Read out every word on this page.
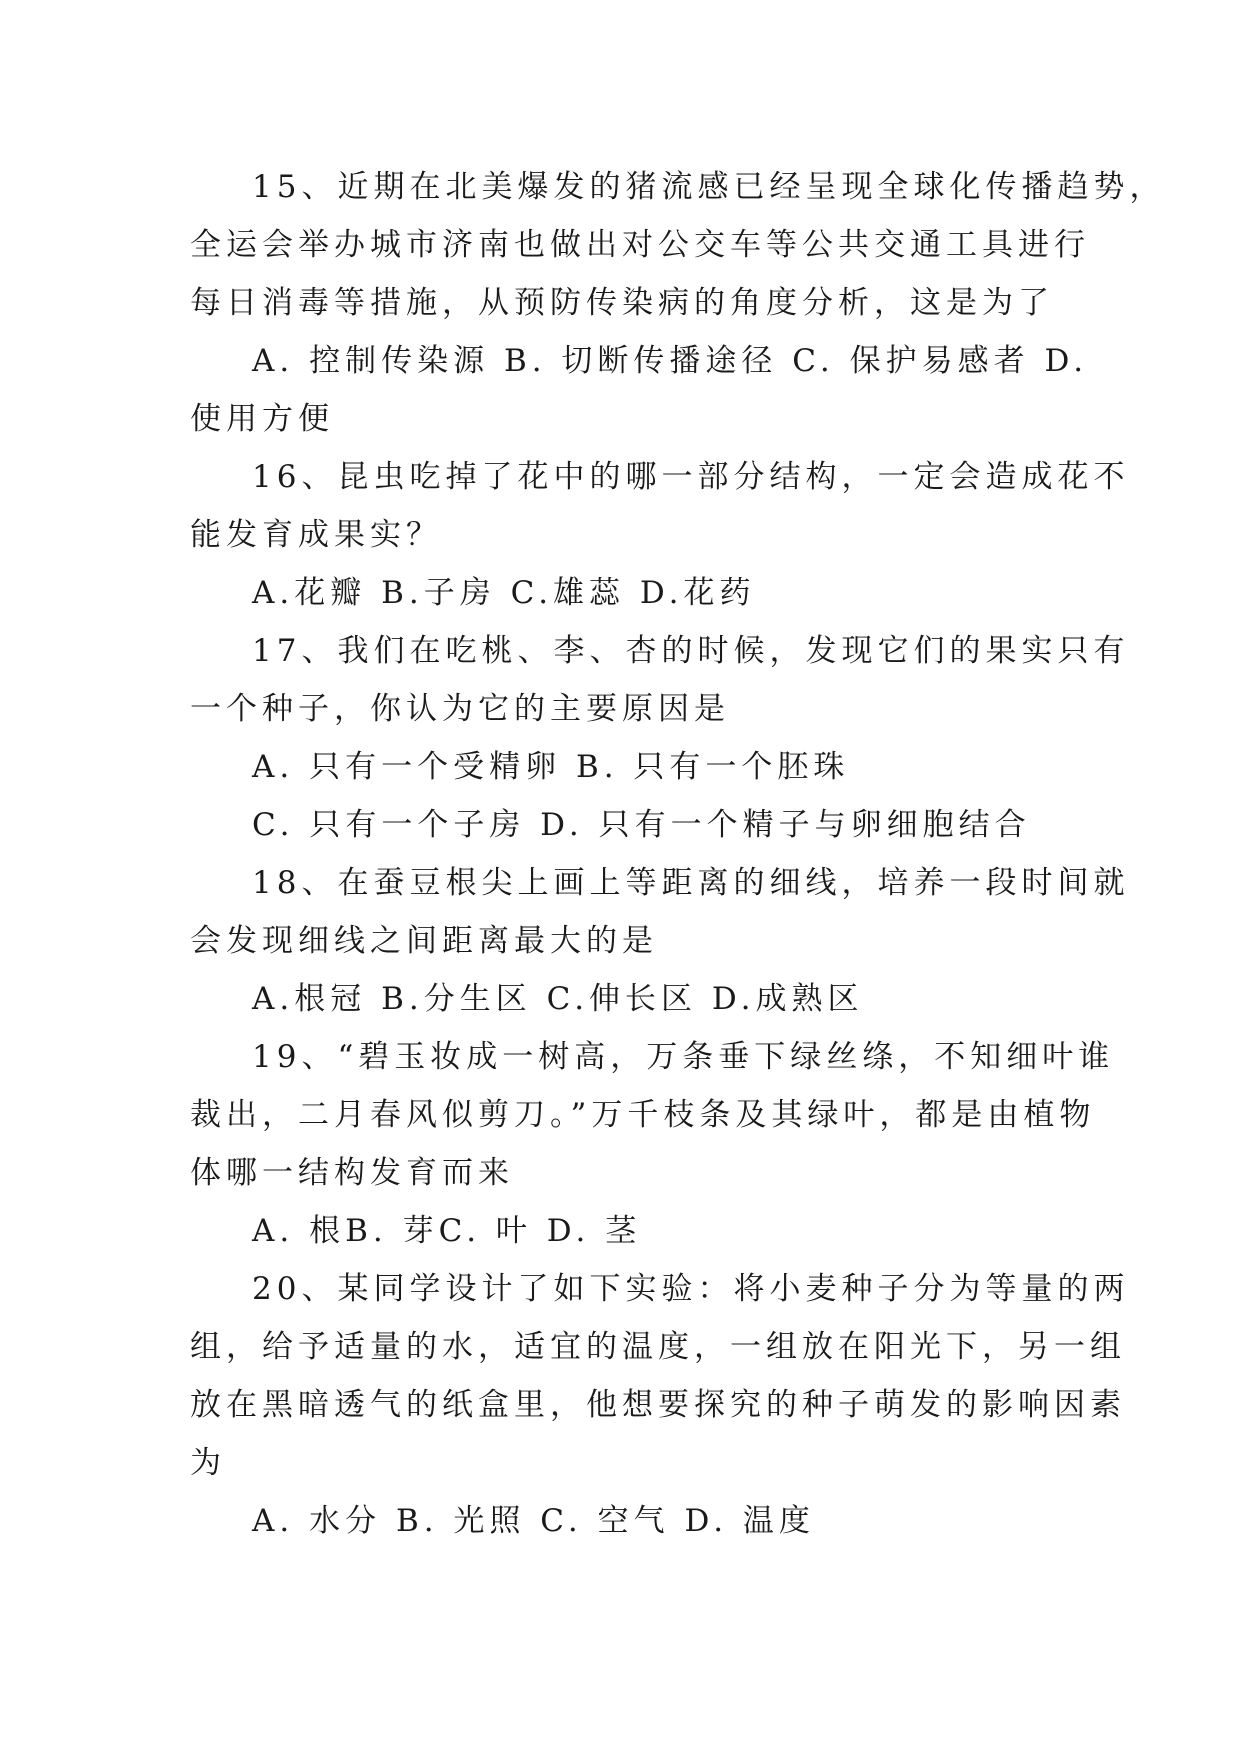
15、近期在北美爆发的猪流感已经呈现全球化传播趋势，
全运会举办城市济南也做出对公交车等公共交通工具进行
每日消毒等措施，从预防传染病的角度分析，这是为了
A. 控制传染源 B. 切断传播途径 C. 保护易感者 D.
使用方便
16、昆虫吃掉了花中的哪一部分结构，一定会造成花不
能发育成果实？
A.花瓣 B.子房 C.雄蕊 D.花药
17、我们在吃桃、李、杏的时候，发现它们的果实只有
一个种子，你认为它的主要原因是
A. 只有一个受精卵 B. 只有一个胚珠
C. 只有一个子房 D. 只有一个精子与卵细胞结合
18、在蚕豆根尖上画上等距离的细线，培养一段时间就
会发现细线之间距离最大的是
A.根冠 B.分生区 C.伸长区 D.成熟区
19、“碧玉妆成一树高，万条垂下绿丝绦，不知细叶谁
裁出，二月春风似剪刀。”万千枝条及其绿叶，都是由植物
体哪一结构发育而来
A. 根B. 芽C. 叶 D. 茎
20、某同学设计了如下实验：将小麦种子分为等量的两
组，给予适量的水，适宜的温度，一组放在阳光下，另一组
放在黑暗透气的纸盒里，他想要探究的种子萌发的影响因素
为
A. 水分 B. 光照 C. 空气 D. 温度
